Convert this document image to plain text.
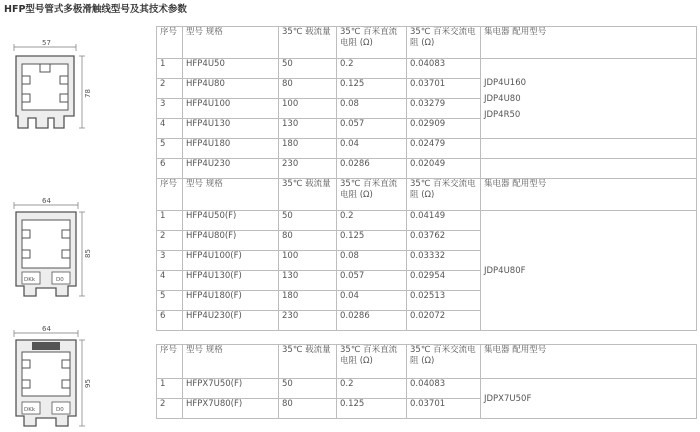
HFP型号管式多极滑触线型号及其技术参数
57
78
64
DKk	D0
85
64
DKk	D0
95
序号	型号 规格	35℃ 载流量	35℃ 百米直流电阻 (Ω)	35℃ 百米交流电阻 (Ω)	集电器 配用型号
1	HFP4U50	50	0.2	0.04083	JDP4U160
JDP4U80
JDP4R50

2	HFP4U80	80	0.125	0.03701	
3	HFP4U100	100	0.08	0.03279	
4	HFP4U130	130	0.057	0.02909	
5	HFP4U180	180	0.04	0.02479	
6	HFP4U230	230	0.0286	0.02049	
序号	型号 规格	35℃ 载流量	35℃ 百米直流电阻 (Ω)	35℃ 百米交流电阻 (Ω)	集电器 配用型号
1	HFP4U50(F)	50	0.2	0.04149	JDP4U80F

2	HFP4U80(F)	80	0.125	0.03762	
3	HFP4U100(F)	100	0.08	0.03332	
4	HFP4U130(F)	130	0.057	0.02954	
5	HFP4U180(F)	180	0.04	0.02513	
6	HFP4U230(F)	230	0.0286	0.02072	
序号	型号 规格	35℃ 载流量	35℃ 百米直流电阻 (Ω)	35℃ 百米交流电阻 (Ω)	集电器 配用型号
1	HFPX7U50(F)	50	0.2	0.04083	JDPX7U50F

2	HFPX7U80(F)	80	0.125	0.03701	
